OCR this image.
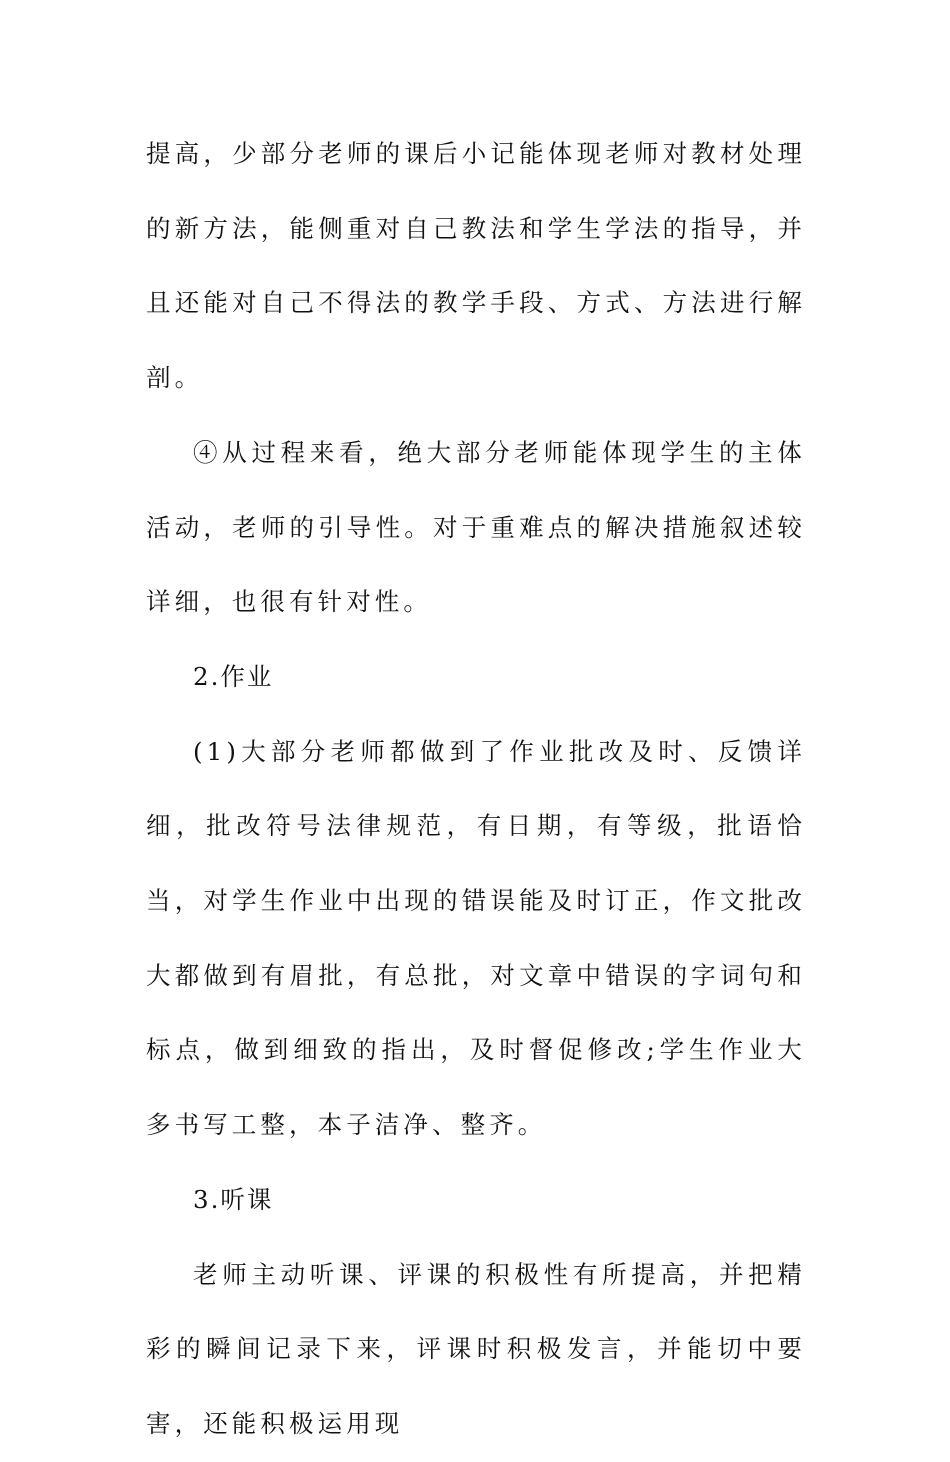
提高，少部分老师的课后小记能体现老师对教材处理的新方法，能侧重对自己教法和学生学法的指导，并且还能对自己不得法的教学手段、方式、方法进行解剖。

④从过程来看，绝大部分老师能体现学生的主体活动，老师的引导性。对于重难点的解决措施叙述较详细，也很有针对性。

2.作业

(1)大部分老师都做到了作业批改及时、反馈详细，批改符号法律规范，有日期，有等级，批语恰当，对学生作业中出现的错误能及时订正，作文批改大都做到有眉批，有总批，对文章中错误的字词句和标点，做到细致的指出，及时督促修改;学生作业大多书写工整，本子洁净、整齐。

3.听课

老师主动听课、评课的积极性有所提高，并把精彩的瞬间记录下来，评课时积极发言，并能切中要害，还能积极运用现
